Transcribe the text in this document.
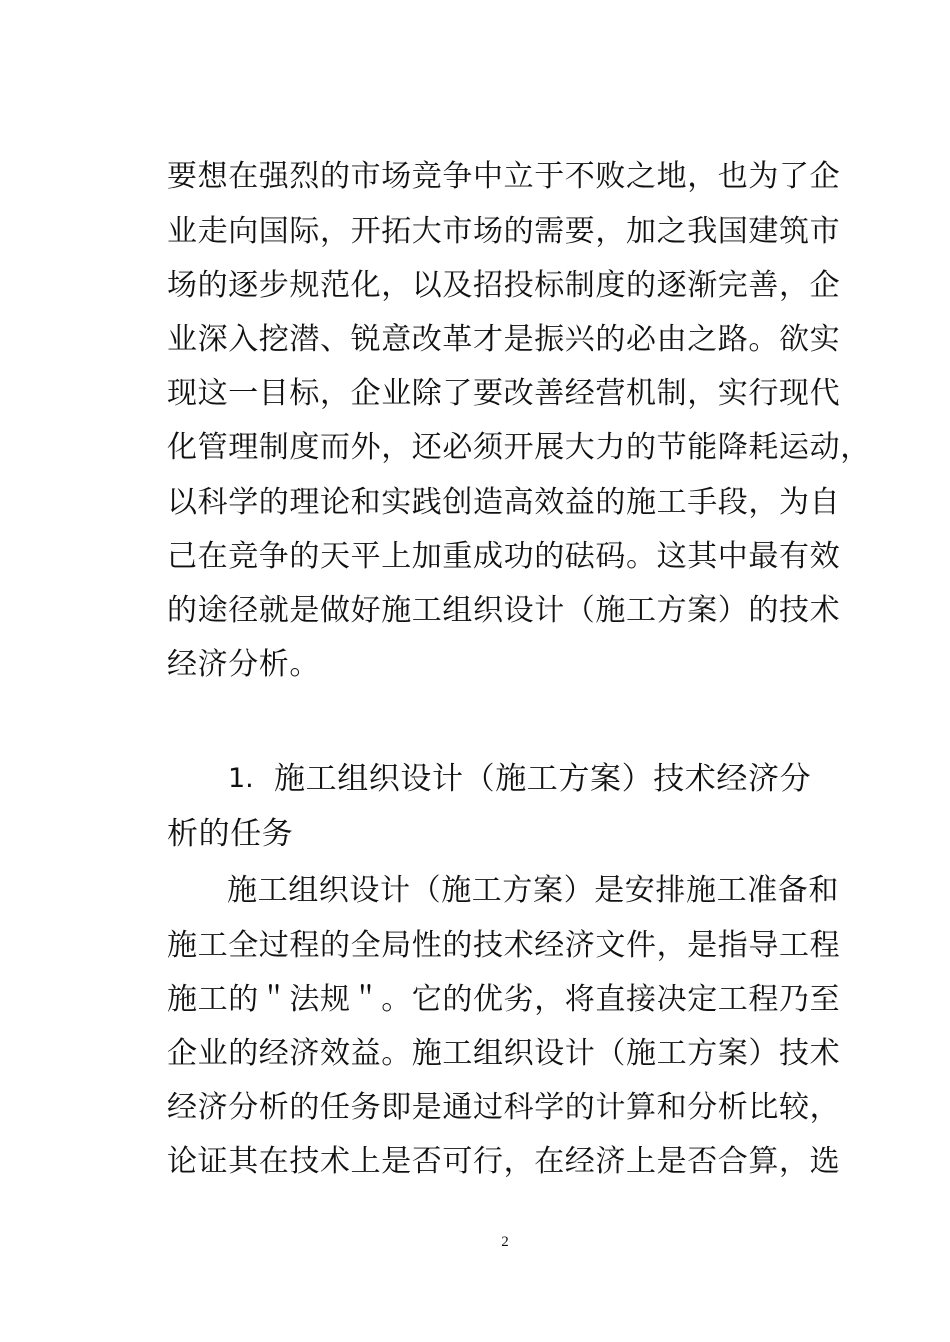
要想在强烈的市场竞争中立于不败之地，也为了企
业走向国际，开拓大市场的需要，加之我国建筑市
场的逐步规范化，以及招投标制度的逐渐完善，企
业深入挖潜、锐意改革才是振兴的必由之路。欲实
现这一目标，企业除了要改善经营机制，实行现代
化管理制度而外，还必须开展大力的节能降耗运动，
以科学的理论和实践创造高效益的施工手段，为自
己在竞争的天平上加重成功的砝码。这其中最有效
的途径就是做好施工组织设计（施工方案）的技术
经济分析。
1. 施工组织设计（施工方案）技术经济分
析的任务
施工组织设计（施工方案）是安排施工准备和
施工全过程的全局性的技术经济文件，是指导工程
施工的＂法规＂。它的优劣，将直接决定工程乃至
企业的经济效益。施工组织设计（施工方案）技术
经济分析的任务即是通过科学的计算和分析比较，
论证其在技术上是否可行，在经济上是否合算，选
2
